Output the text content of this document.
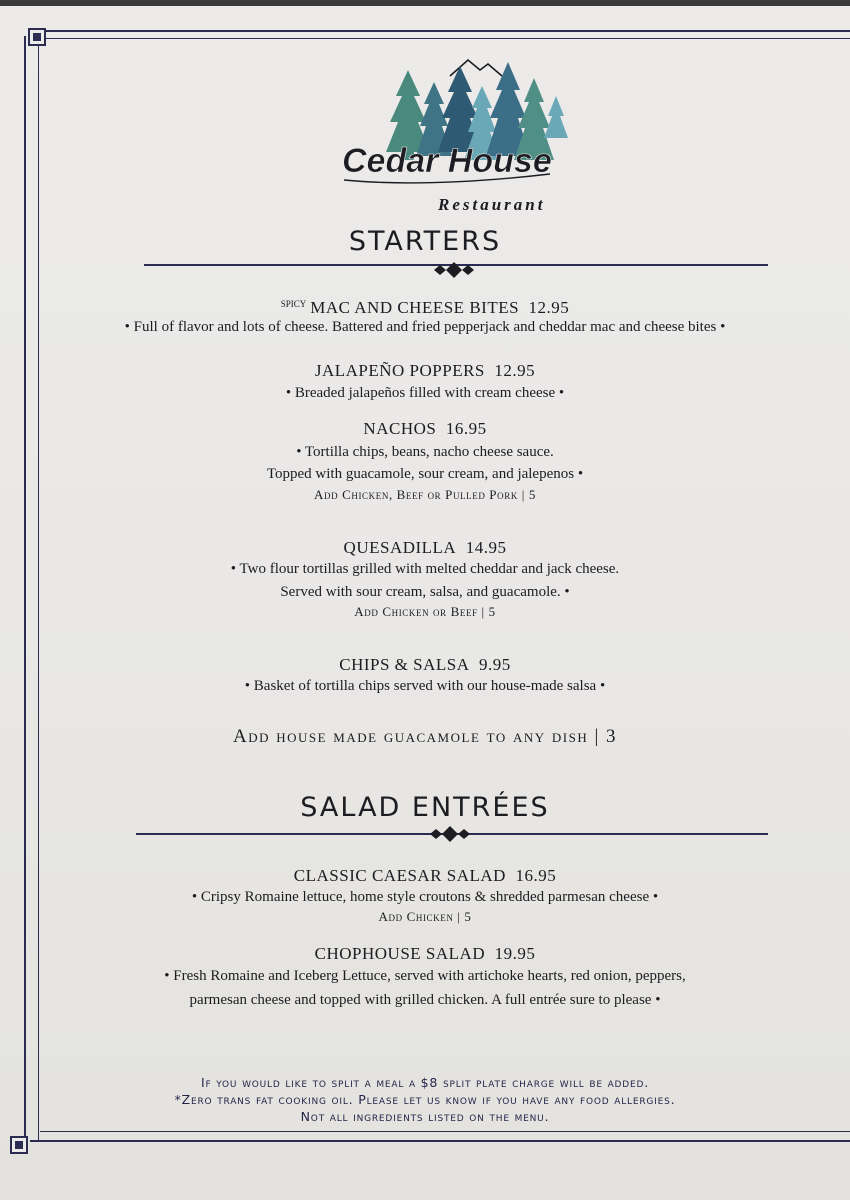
Cedar House
Restaurant
STARTERS
$^{SPICY}$ MAC AND CHEESE BITES 12.95
• Full of flavor and lots of cheese. Battered and fried pepperjack and cheddar mac and cheese bites •
JALAPEÑO POPPERS 12.95
• Breaded jalapeños filled with cream cheese •
NACHOS 16.95
• Tortilla chips, beans, nacho cheese sauce.
Topped with guacamole, sour cream, and jalepenos •
Add Chicken, Beef or Pulled Pork | 5
QUESADILLA 14.95
• Two flour tortillas grilled with melted cheddar and jack cheese.
Served with sour cream, salsa, and guacamole. •
Add Chicken or Beef | 5
CHIPS & SALSA 9.95
• Basket of tortilla chips served with our house-made salsa •
Add house made guacamole to any dish | 3
SALAD ENTRÉES
CLASSIC CAESAR SALAD 16.95
• Cripsy Romaine lettuce, home style croutons & shredded parmesan cheese •
Add Chicken | 5
CHOPHOUSE SALAD 19.95
• Fresh Romaine and Iceberg Lettuce, served with artichoke hearts, red onion, peppers,
parmesan cheese and topped with grilled chicken. A full entrée sure to please •
If you would like to split a meal a $8 split plate charge will be added.
*Zero trans fat cooking oil. Please let us know if you have any food allergies.
Not all ingredients listed on the menu.
